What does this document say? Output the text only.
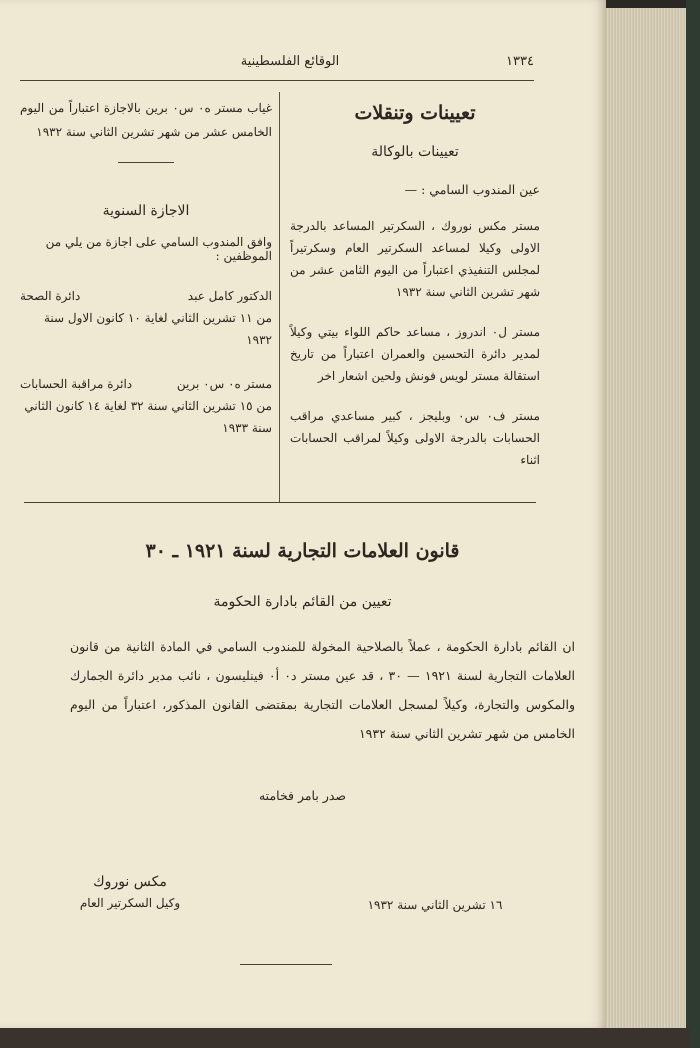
١٣٣٤
الوقائع الفلسطينية
تعيينات وتنقلات
تعيينات بالوكالة
عين المندوب السامي : —
مستر مكس نوروك ، السكرتير المساعد بالدرجة الاولى وكيلا لمساعد السكرتير العام وسكرتيراً لمجلس التنفيذي اعتباراً من اليوم الثامن عشر من شهر تشرين الثاني سنة ١٩٣٢
مستر ل٠ اندروز ، مساعد حاكم اللواء بيتي وكيلاً لمدير دائرة التحسين والعمران اعتباراً من تاريخ استقالة مستر لويس فونش ولحين اشعار اخر
مستر ف٠ س٠ وبليجز ، كبير مساعدي مراقب الحسابات بالدرجة الاولى وكيلاً لمراقب الحسابات اثناء
غياب مستر ه٠ س٠ برين بالاجازة اعتباراً من اليوم الخامس عشر من شهر تشرين الثاني سنة ١٩٣٢
الاجازة السنوية
وافق المندوب السامي على اجازة من يلي من الموظفين :
الدكتور كامل عبد
دائرة الصحة
من ١١ تشرين الثاني لغاية ١٠ كانون الاول سنة ١٩٣٢
مستر ه٠ س٠ برين
دائرة مراقبة الحسابات
من ١٥ تشرين الثاني سنة ٣٢ لغاية ١٤ كانون الثاني سنة ١٩٣٣
قانون العلامات التجارية لسنة ١٩٢١ ـ ٣٠
تعيين من القائم بادارة الحكومة
ان القائم بادارة الحكومة ، عملاً بالصلاحية المخولة للمندوب السامي في المادة الثانية من قانون العلامات التجارية لسنة ١٩٢١ — ٣٠ ، قد عين مستر د٠ أ٠ فينليسون ، نائب مدير دائرة الجمارك والمكوس والتجارة، وكيلاً لمسجل العلامات التجارية بمقتضى القانون المذكور، اعتباراً من اليوم الخامس من شهر تشرين الثاني سنة ١٩٣٢
صدر بامر فخامته
مكس نوروك
وكيل السكرتير العام	١٦ تشرين الثاني سنة ١٩٣٢
